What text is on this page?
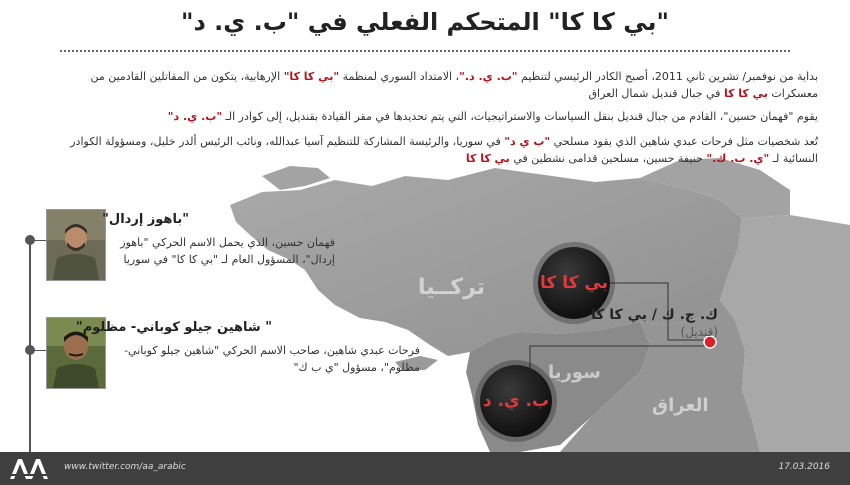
تركــيا
سوريا
العراق
بي كا كا
ب. ي. د
ك. ج. ك / بي كا كا
(قنديل)
"بي كا كا" المتحكم الفعلي في "ب. ي. د"
بداية من نوفمبر/ تشرين ثاني 2011، أصبح الكادر الرئيسي لتنظيم "ب. ي. د."، الامتداد السوري لمنظمة "بي كا كا" الإرهابية، يتكون من المقاتلين القادمين من معسكرات بي كا كا في جبال قنديل شمال العراق
يقوم "فهمان حسين"، القادم من جبال قنديل بنقل السياسات والاستراتيجيات، التي يتم تحديدها في مقر القيادة بقنديل، إلى كوادر الـ "ب. ي. د"
تُعد شخصيات مثل فرحات عبدي شاهين الذي يقود مسلحي "ب ي د" في سوريا، والرئيسة المشاركة للتنظيم آسيا عبدالله، ونائب الرئيس ألدر خليل، ومسؤولة الكوادر النسائية لـ "ي. ب. ك." حنيفة حسين، مسلحين قدامى نشطين في بي كا كا
"باهوز إردال"
فهمان حسين، الذي يحمل الاسم الحركي "باهوز إردال"، المسؤول العام لـ "بي كا كا" في سوريا
" شاهين جيلو كوباني- مظلوم"
فرحات عبدي شاهين، صاحب الاسم الحركي "شاهين جيلو كوباني- مظلوم"، مسؤول "ي ب ك"
www.twitter.com/aa_arabic	17.03.2016
